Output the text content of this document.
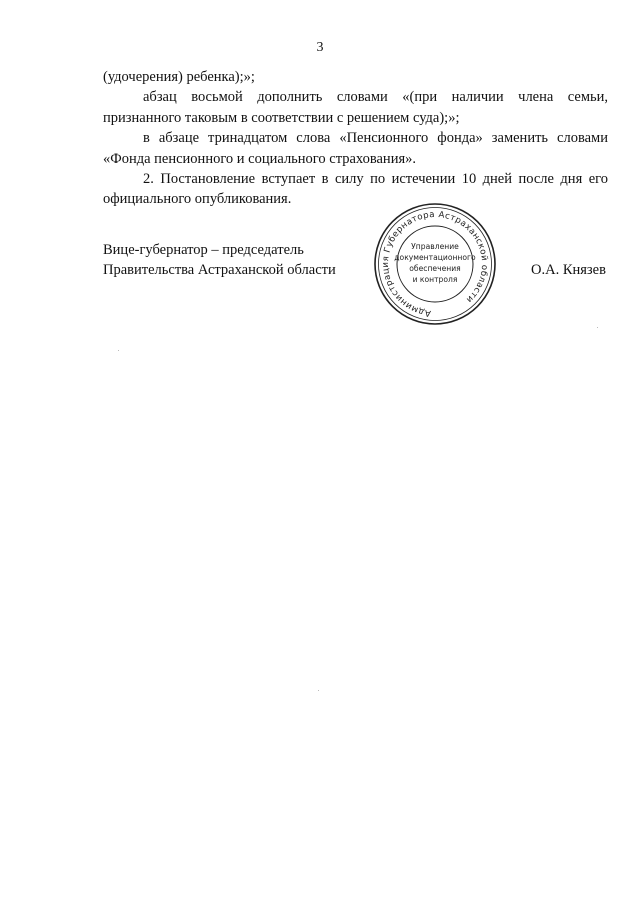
3

(удочерения) ребенка);»;

абзац восьмой дополнить словами «(при наличии члена семьи, признанного таковым в соответствии с решением суда);»;

в абзаце тринадцатом слова «Пенсионного фонда» заменить словами «Фонда пенсионного и социального страхования».

2. Постановление вступает в силу по истечении 10 дней после дня его официального опубликования.

Вице-губернатор – председатель
Правительства Астраханской области	О.А. Князев
Администрация Губернатора Астраханской области
Управление
документационного
обеспечения
и контроля
